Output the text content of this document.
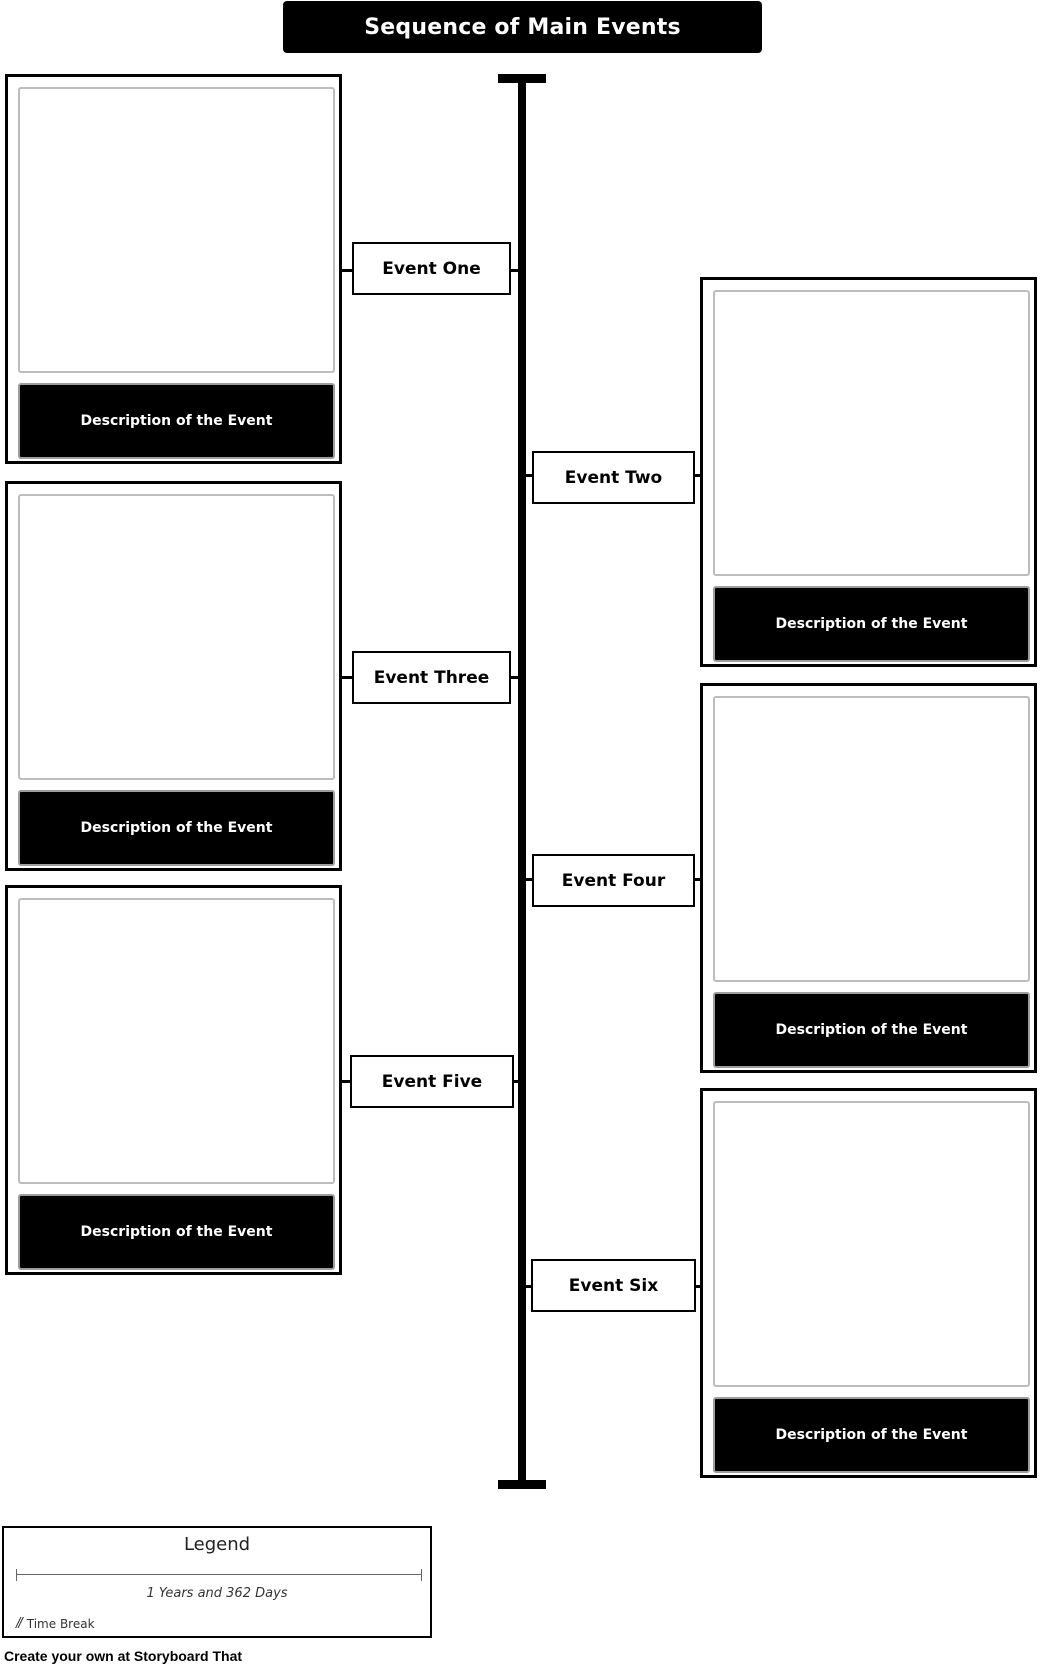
Sequence of Main Events
Description of the Event
Event One
Event Two
Description of the Event
Description of the Event
Event Three
Event Four
Description of the Event
Description of the Event
Event Five
Event Six
Description of the Event
Legend
1 Years and 362 Days
// Time Break
Create your own at Storyboard That
